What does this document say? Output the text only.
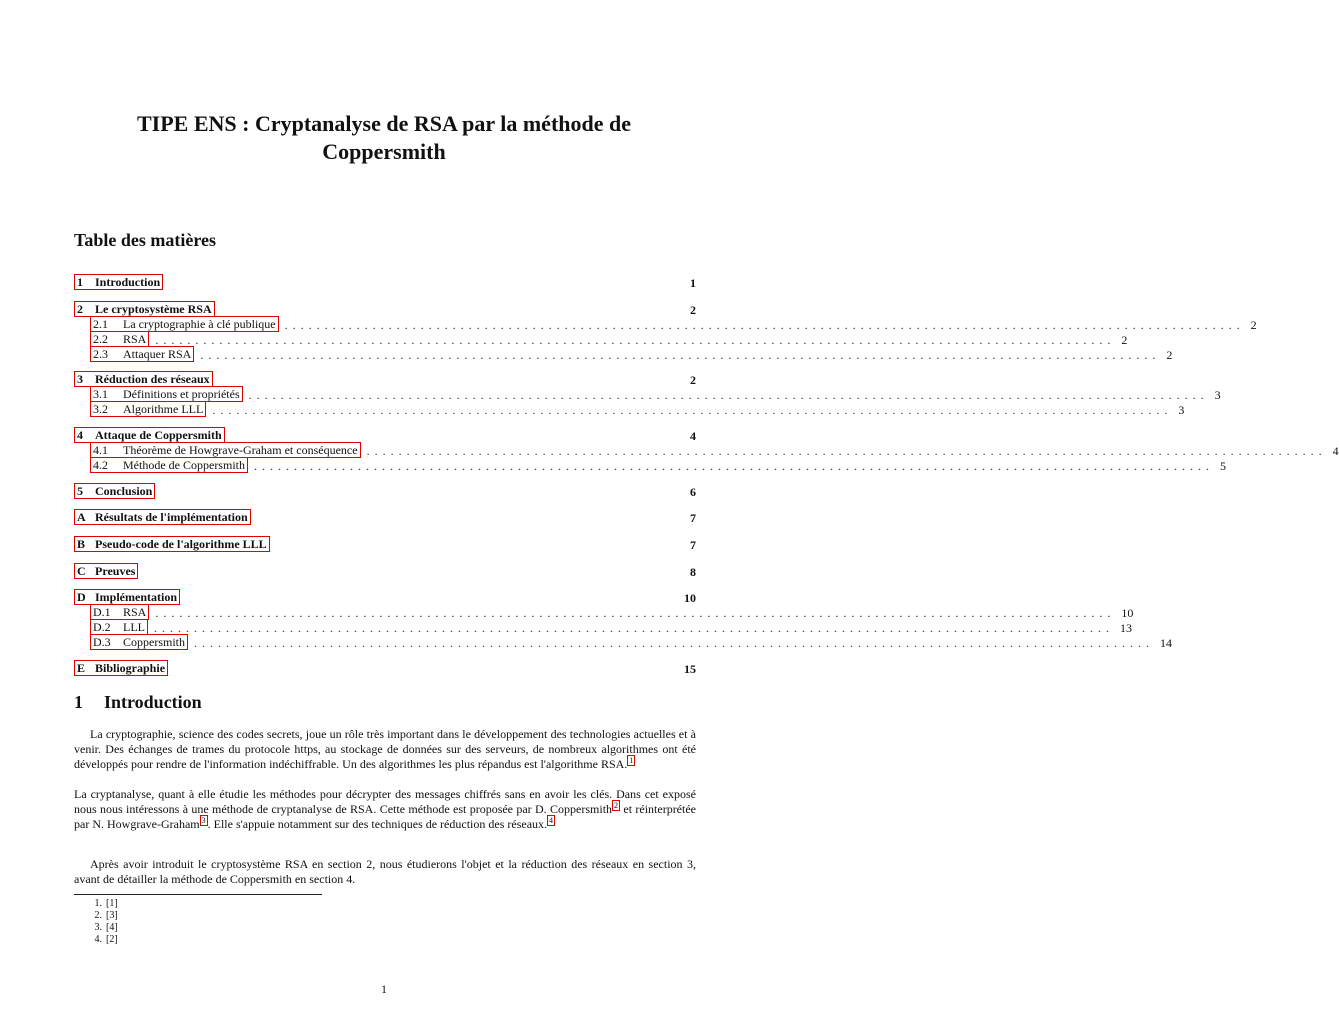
TIPE ENS : Cryptanalyse de RSA par la méthode de
Coppersmith
Table des matières
1 Introduction	1
2 Le cryptosystème RSA	2
2.1 La cryptographie à clé publique ........................................................................................................................ 2
2.2 RSA ........................................................................................................................ 2
2.3 Attaquer RSA ........................................................................................................................ 2
3 Réduction des réseaux	2
3.1 Définitions et propriétés ........................................................................................................................ 3
3.2 Algorithme LLL ........................................................................................................................ 3
4 Attaque de Coppersmith	4
4.1 Théorème de Howgrave-Graham et conséquence ........................................................................................................................ 4
4.2 Méthode de Coppersmith ........................................................................................................................ 5
5 Conclusion	6
A Résultats de l'implémentation	7
B Pseudo-code de l'algorithme LLL	7
C Preuves	8
D Implémentation	10
D.1 RSA ........................................................................................................................ 10
D.2 LLL ........................................................................................................................ 13
D.3 Coppersmith ........................................................................................................................ 14
E Bibliographie	15
1 Introduction
La cryptographie, science des codes secrets, joue un rôle très important dans le développement des technologies actuelles et à venir. Des échanges de trames du protocole https, au stockage de données sur des serveurs, de nombreux algorithmes ont été développés pour rendre de l'information indéchiffrable. Un des algorithmes les plus répandus est l'algorithme RSA. $^1$
La cryptanalyse, quant à elle étudie les méthodes pour décrypter des messages chiffrés sans en avoir les clés. Dans cet exposé nous nous intéressons à une méthode de cryptanalyse de RSA. Cette méthode est proposée par D. Coppersmith $^2$ et réinterprétée par N. Howgrave-Graham $^3$ . Elle s'appuie notamment sur des techniques de réduction des réseaux. $^4$
Après avoir introduit le cryptosystème RSA en section 2, nous étudierons l'objet et la réduction des réseaux en section 3, avant de détailler la méthode de Coppersmith en section 4.
1. [1]
2. [3]
3. [4]
4. [2]
1
